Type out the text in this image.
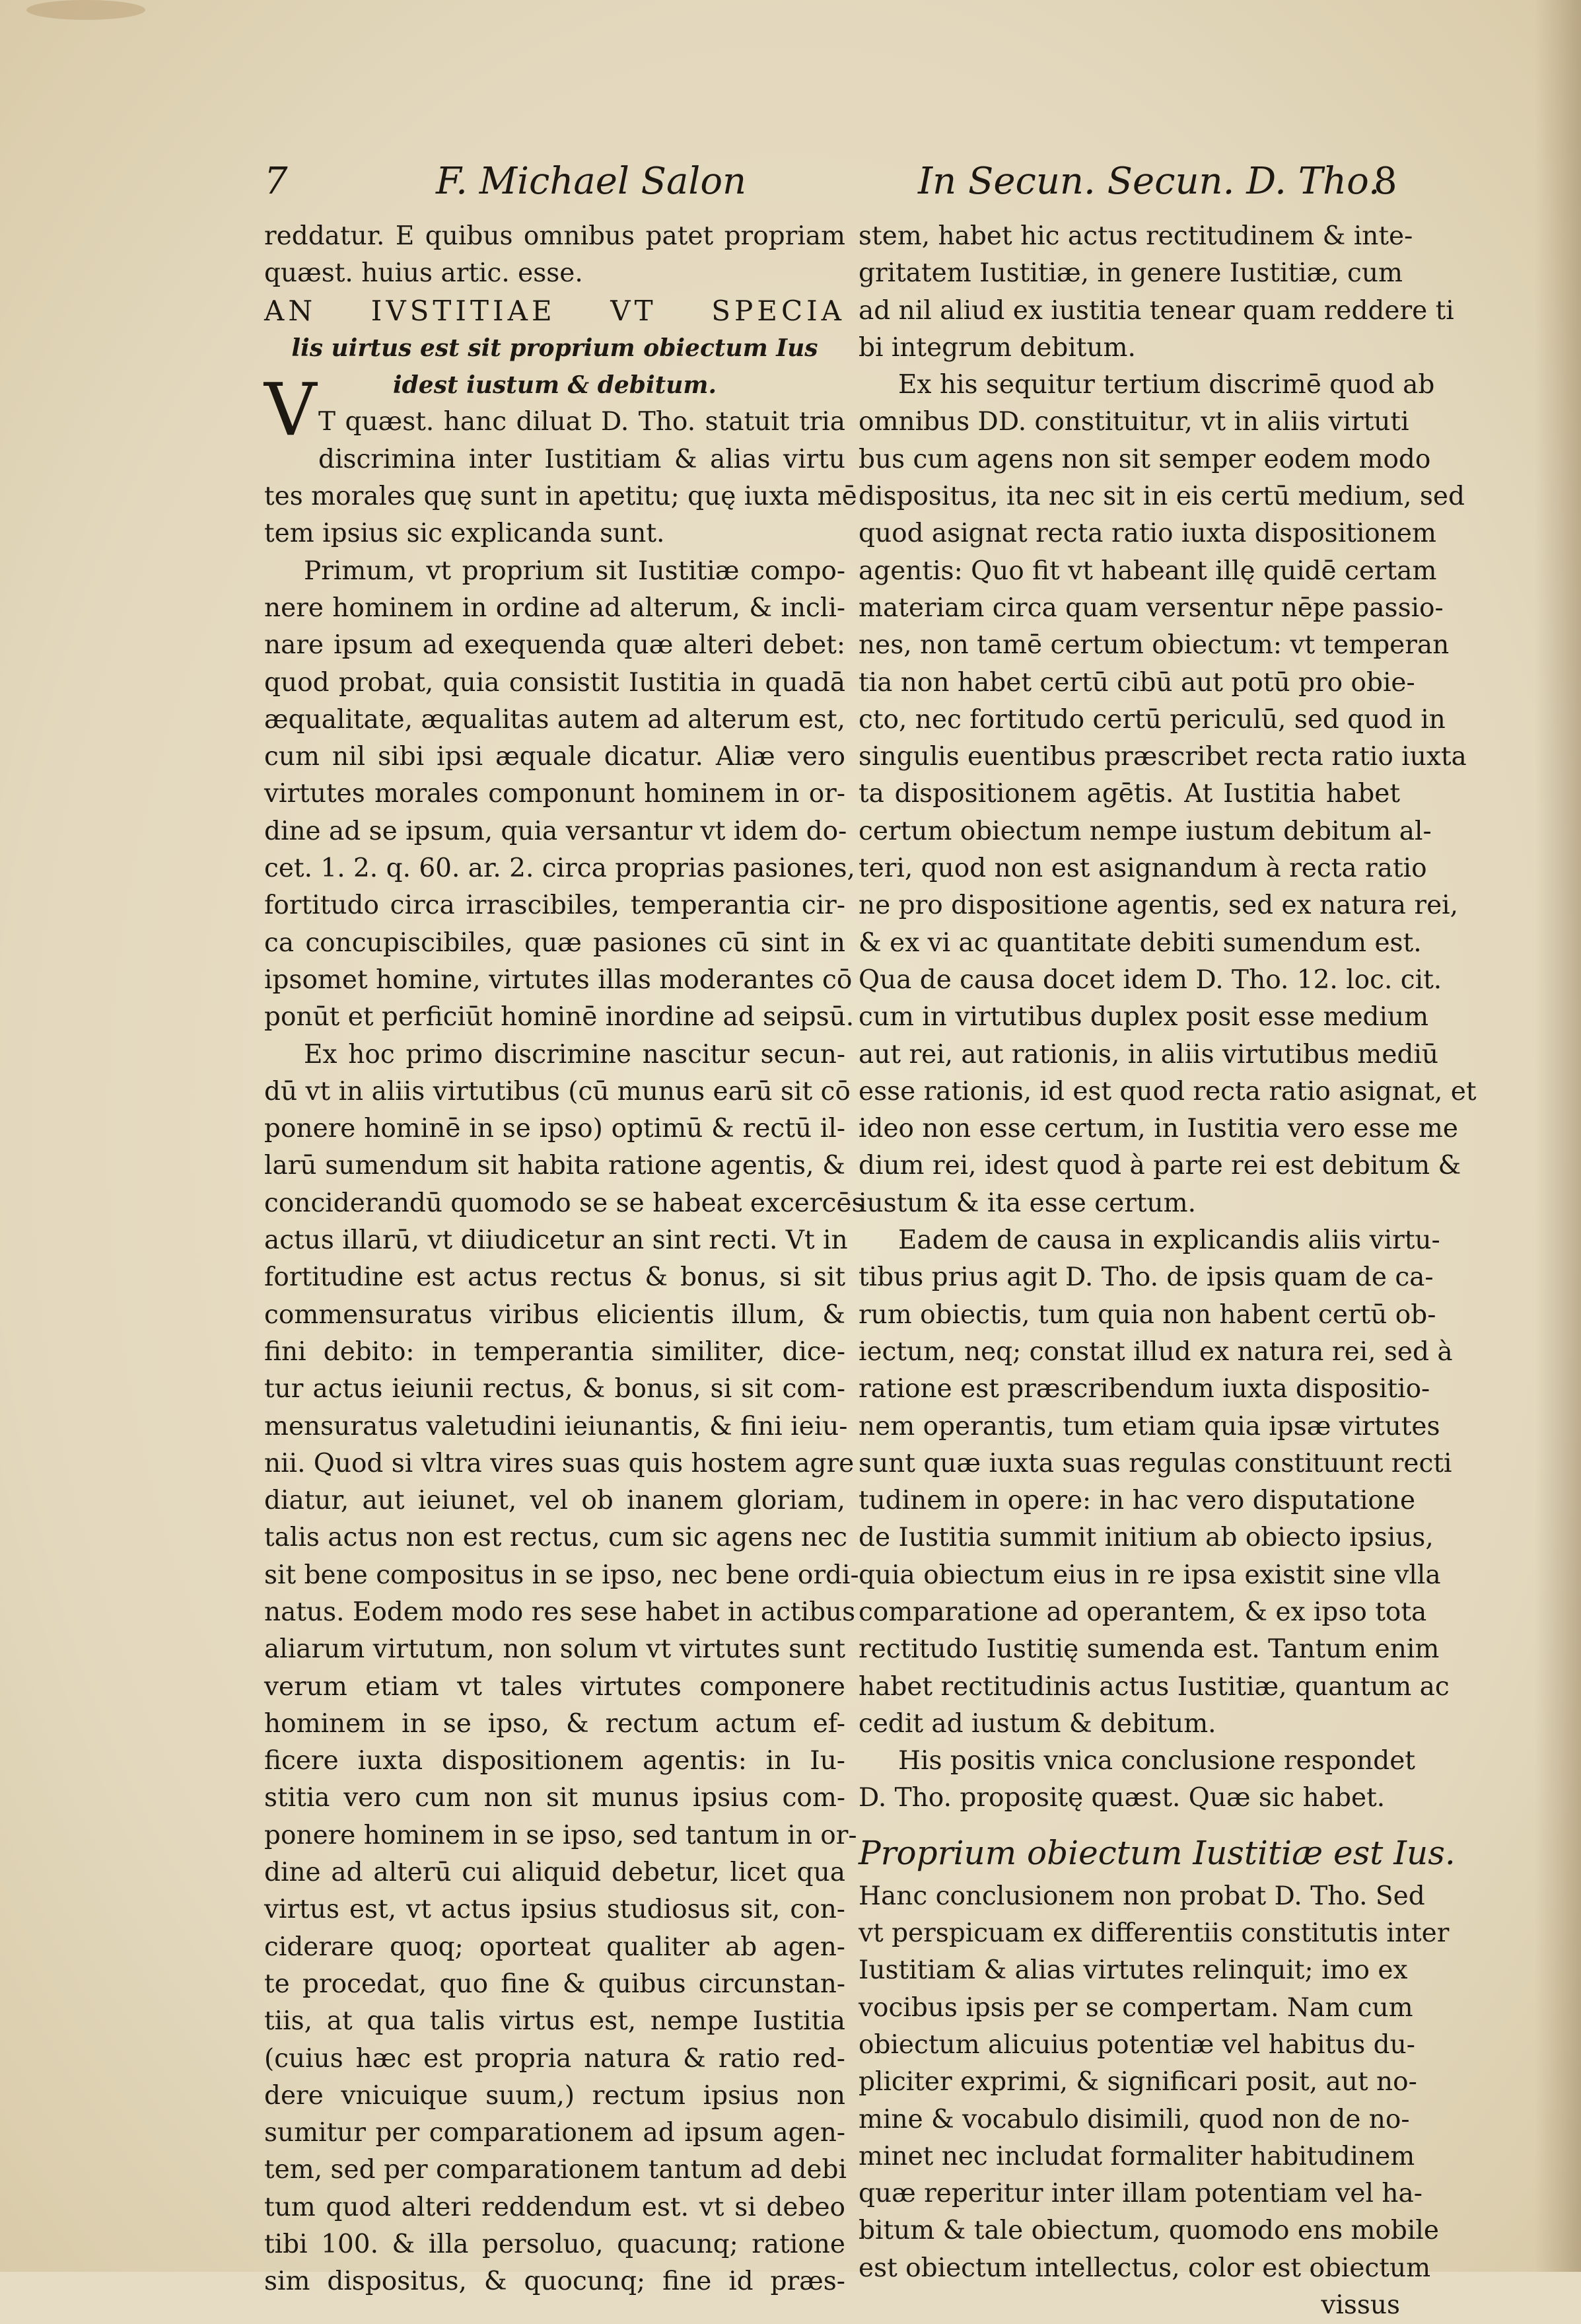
7	F. Michael Salon	In Secun. Secun. D. Tho.
8
V
reddatur. E quibus omnibus patet propriam
quæst. huius artic. esse.
AN IVSTITIAE VT SPECIA
lis uirtus est sit proprium obiectum Ius
idest iustum & debitum.
T quæst. hanc diluat D. Tho. statuit tria
discrimina inter Iustitiam & alias virtu
tes morales quę sunt in apetitu; quę iuxta mē
tem ipsius sic explicanda sunt.
Primum, vt proprium sit Iustitiæ compo-
nere hominem in ordine ad alterum, & incli-
nare ipsum ad exequenda quæ alteri debet:
quod probat, quia consistit Iustitia in quadā
æqualitate, æqualitas autem ad alterum est,
cum nil sibi ipsi æquale dicatur. Aliæ vero
virtutes morales componunt hominem in or-
dine ad se ipsum, quia versantur vt idem do-
cet. 1. 2. q. 60. ar. 2. circa proprias pasiones,
fortitudo circa irrascibiles, temperantia cir-
ca concupiscibiles, quæ pasiones cū sint in
ipsomet homine, virtutes illas moderantes cō
ponūt et perficiūt hominē inordine ad seipsū.
Ex hoc primo discrimine nascitur secun-
dū vt in aliis virtutibus (cū munus earū sit cō
ponere hominē in se ipso) optimū & rectū il-
larū sumendum sit habita ratione agentis, &
conciderandū quomodo se se habeat excercēs
actus illarū, vt diiudicetur an sint recti. Vt in
fortitudine est actus rectus & bonus, si sit
commensuratus viribus elicientis illum, &
fini debito: in temperantia similiter, dice-
tur actus ieiunii rectus, & bonus, si sit com-
mensuratus valetudini ieiunantis, & fini ieiu-
nii. Quod si vltra vires suas quis hostem agre
diatur, aut ieiunet, vel ob inanem gloriam,
talis actus non est rectus, cum sic agens nec
sit bene compositus in se ipso, nec bene ordi-
natus. Eodem modo res sese habet in actibus
aliarum virtutum, non solum vt virtutes sunt
verum etiam vt tales virtutes componere
hominem in se ipso, & rectum actum ef-
ficere iuxta dispositionem agentis: in Iu-
stitia vero cum non sit munus ipsius com-
ponere hominem in se ipso, sed tantum in or-
dine ad alterū cui aliquid debetur, licet qua
virtus est, vt actus ipsius studiosus sit, con-
ciderare quoq; oporteat qualiter ab agen-
te procedat, quo fine & quibus circunstan-
tiis, at qua talis virtus est, nempe Iustitia
(cuius hæc est propria natura & ratio red-
dere vnicuique suum,) rectum ipsius non
sumitur per comparationem ad ipsum agen-
tem, sed per comparationem tantum ad debi
tum quod alteri reddendum est. vt si debeo
tibi 100. & illa persoluo, quacunq; ratione
sim dispositus, & quocunq; fine id præs-
stem, habet hic actus rectitudinem & inte-
gritatem Iustitiæ, in genere Iustitiæ, cum
ad nil aliud ex iustitia tenear quam reddere ti
bi integrum debitum.
Ex his sequitur tertium discrimē quod ab
omnibus DD. constituitur, vt in aliis virtuti
bus cum agens non sit semper eodem modo
dispositus, ita nec sit in eis certū medium, sed
quod asignat recta ratio iuxta dispositionem
agentis: Quo fit vt habeant illę quidē certam
materiam circa quam versentur nēpe passio-
nes, non tamē certum obiectum: vt temperan
tia non habet certū cibū aut potū pro obie-
cto, nec fortitudo certū periculū, sed quod in
singulis euentibus præscribet recta ratio iuxta
ta dispositionem agētis. At Iustitia habet
certum obiectum nempe iustum debitum al-
teri, quod non est asignandum à recta ratio
ne pro dispositione agentis, sed ex natura rei,
& ex vi ac quantitate debiti sumendum est.
Qua de causa docet idem D. Tho. 12. loc. cit.
cum in virtutibus duplex posit esse medium
aut rei, aut rationis, in aliis virtutibus mediū
esse rationis, id est quod recta ratio asignat, et
ideo non esse certum, in Iustitia vero esse me
dium rei, idest quod à parte rei est debitum &
iustum & ita esse certum.
Eadem de causa in explicandis aliis virtu-
tibus prius agit D. Tho. de ipsis quam de ca-
rum obiectis, tum quia non habent certū ob-
iectum, neq; constat illud ex natura rei, sed à
ratione est præscribendum iuxta dispositio-
nem operantis, tum etiam quia ipsæ virtutes
sunt quæ iuxta suas regulas constituunt recti
tudinem in opere: in hac vero disputatione
de Iustitia summit initium ab obiecto ipsius,
quia obiectum eius in re ipsa existit sine vlla
comparatione ad operantem, & ex ipso tota
rectitudo Iustitię sumenda est. Tantum enim
habet rectitudinis actus Iustitiæ, quantum ac
cedit ad iustum & debitum.
His positis vnica conclusione respondet
D. Tho. propositę quæst. Quæ sic habet.
Proprium obiectum Iustitiæ est Ius.
Hanc conclusionem non probat D. Tho. Sed
vt perspicuam ex differentiis constitutis inter
Iustitiam & alias virtutes relinquit; imo ex
vocibus ipsis per se compertam. Nam cum
obiectum alicuius potentiæ vel habitus du-
pliciter exprimi, & significari posit, aut no-
mine & vocabulo disimili, quod non de no-
minet nec includat formaliter habitudinem
quæ reperitur inter illam potentiam vel ha-
bitum & tale obiectum, quomodo ens mobile
est obiectum intellectus, color est obiectum
vissus
